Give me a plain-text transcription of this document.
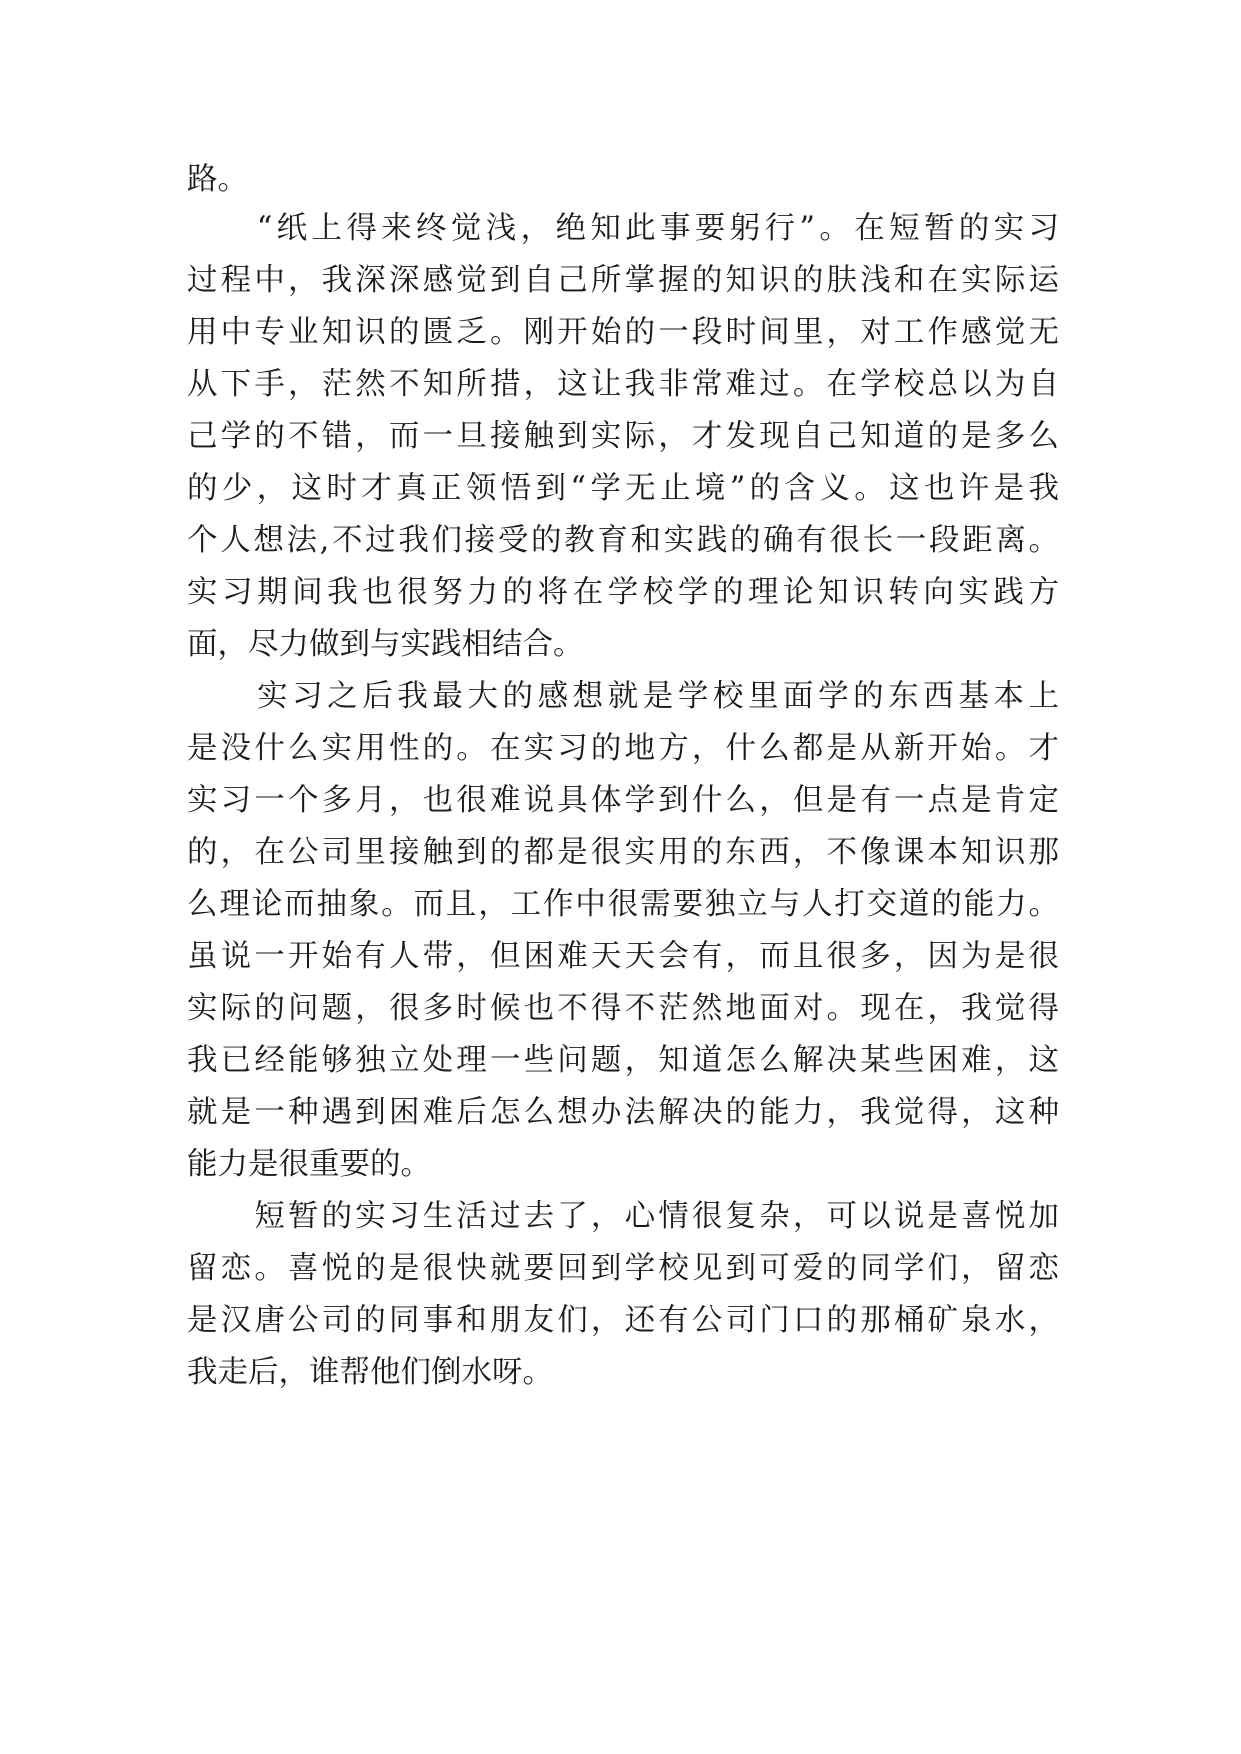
路。
　　“纸上得来终觉浅，绝知此事要躬行”。在短暂的实习
过程中，我深深感觉到自己所掌握的知识的肤浅和在实际运
用中专业知识的匮乏。刚开始的一段时间里，对工作感觉无
从下手，茫然不知所措，这让我非常难过。在学校总以为自
己学的不错，而一旦接触到实际，才发现自己知道的是多么
的少，这时才真正领悟到“学无止境”的含义。这也许是我
个人想法,不过我们接受的教育和实践的确有很长一段距离。
实习期间我也很努力的将在学校学的理论知识转向实践方
面，尽力做到与实践相结合。
　　实习之后我最大的感想就是学校里面学的东西基本上
是没什么实用性的。在实习的地方，什么都是从新开始。才
实习一个多月，也很难说具体学到什么，但是有一点是肯定
的，在公司里接触到的都是很实用的东西，不像课本知识那
么理论而抽象。而且，工作中很需要独立与人打交道的能力。
虽说一开始有人带，但困难天天会有，而且很多，因为是很
实际的问题，很多时候也不得不茫然地面对。现在，我觉得
我已经能够独立处理一些问题，知道怎么解决某些困难，这
就是一种遇到困难后怎么想办法解决的能力，我觉得，这种
能力是很重要的。
　　短暂的实习生活过去了，心情很复杂，可以说是喜悦加
留恋。喜悦的是很快就要回到学校见到可爱的同学们，留恋
是汉唐公司的同事和朋友们，还有公司门口的那桶矿泉水，
我走后，谁帮他们倒水呀。
